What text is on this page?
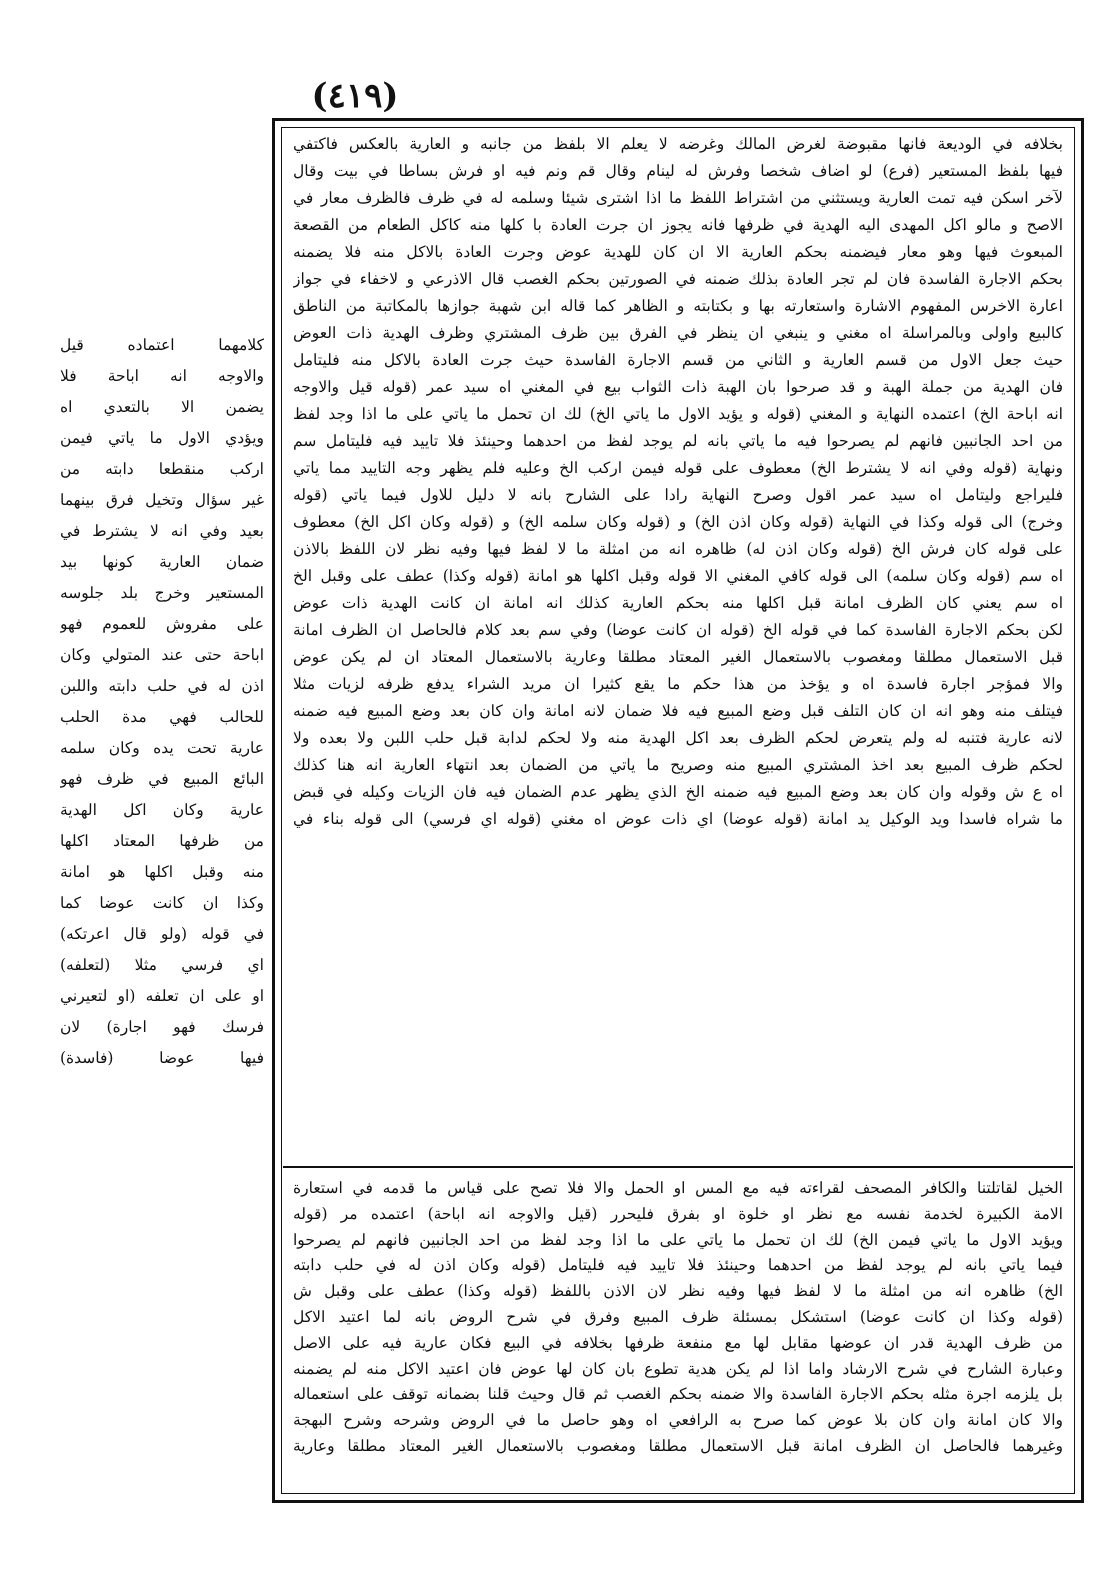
(٤١٩)
كلامهما اعتماده قيل
والاوجه انه اباحة فلا
يضمن الا بالتعدي اه
ويؤدي الاول ما ياتي فيمن
اركب منقطعا دابته من
غير سؤال وتخيل فرق بينهما
بعيد وفي انه لا يشترط في
ضمان العارية كونها بيد
المستعير وخرج بلد جلوسه
على مفروش للعموم فهو
اباحة حتى عند المتولي وكان
اذن له في حلب دابته واللبن
للحالب فهي مدة الحلب
عارية تحت يده وكان سلمه
البائع المبيع في ظرف فهو
عارية وكان اكل الهدية
من ظرفها المعتاد اكلها
منه وقبل اكلها هو امانة
وكذا ان كانت عوضا كما
في قوله (ولو قال اعرتكه)
اي فرسي مثلا (لتعلفه)
او على ان تعلفه (او لتعيرني
فرسك فهو اجارة) لان
فيها عوضا (فاسدة)
بخلافه في الوديعة فانها مقبوضة لغرض المالك وغرضه لا يعلم الا بلفظ من جانبه و العارية بالعكس فاكتفي
فيها بلفظ المستعير (فرع) لو اضاف شخصا وفرش له لينام وقال قم ونم فيه او فرش بساطا في بيت وقال
لآخر اسكن فيه تمت العارية ويستثني من اشتراط اللفظ ما اذا اشترى شيئا وسلمه له في ظرف فالظرف معار في
الاصح و مالو اكل المهدى اليه الهدية في ظرفها فانه يجوز ان جرت العادة با كلها منه كاكل الطعام من القصعة
المبعوث فيها وهو معار فيضمنه بحكم العارية الا ان كان للهدية عوض وجرت العادة بالاكل منه فلا يضمنه
بحكم الاجارة الفاسدة فان لم تجر العادة بذلك ضمنه في الصورتين بحكم الغصب قال الاذرعي و لاخفاء في جواز
اعارة الاخرس المفهوم الاشارة واستعارته بها و بكتابته و الظاهر كما قاله ابن شهبة جوازها بالمكاتبة من الناطق
كالبيع واولى وبالمراسلة اه مغني و ينبغي ان ينظر في الفرق بين ظرف المشتري وظرف الهدية ذات العوض
حيث جعل الاول من قسم العارية و الثاني من قسم الاجارة الفاسدة حيث جرت العادة بالاكل منه فليتامل
فان الهدية من جملة الهبة و قد صرحوا بان الهبة ذات الثواب بيع في المغني اه سيد عمر (قوله قيل والاوجه
انه اباحة الخ) اعتمده النهاية و المغني (قوله و يؤيد الاول ما ياتي الخ) لك ان تحمل ما ياتي على ما اذا وجد لفظ
من احد الجانبين فانهم لم يصرحوا فيه ما ياتي بانه لم يوجد لفظ من احدهما وحينئذ فلا تاييد فيه فليتامل سم
ونهاية (قوله وفي انه لا يشترط الخ) معطوف على قوله فيمن اركب الخ وعليه فلم يظهر وجه التاييد مما ياتي
فليراجع وليتامل اه سيد عمر اقول وصرح النهاية رادا على الشارح بانه لا دليل للاول فيما ياتي (قوله
وخرج) الى قوله وكذا في النهاية (قوله وكان اذن الخ) و (قوله وكان سلمه الخ) و (قوله وكان اكل الخ) معطوف
على قوله كان فرش الخ (قوله وكان اذن له) ظاهره انه من امثلة ما لا لفظ فيها وفيه نظر لان اللفظ بالاذن
اه سم (قوله وكان سلمه) الى قوله كافي المغني الا قوله وقبل اكلها هو امانة (قوله وكذا) عطف على وقبل الخ
اه سم يعني كان الظرف امانة قبل اكلها منه بحكم العارية كذلك انه امانة ان كانت الهدية ذات عوض
لكن بحكم الاجارة الفاسدة كما في قوله الخ (قوله ان كانت عوضا) وفي سم بعد كلام فالحاصل ان الظرف امانة
قبل الاستعمال مطلقا ومغصوب بالاستعمال الغير المعتاد مطلقا وعارية بالاستعمال المعتاد ان لم يكن عوض
والا فمؤجر اجارة فاسدة اه و يؤخذ من هذا حكم ما يقع كثيرا ان مريد الشراء يدفع ظرفه لزيات مثلا
فيتلف منه وهو انه ان كان التلف قبل وضع المبيع فيه فلا ضمان لانه امانة وان كان بعد وضع المبيع فيه ضمنه
لانه عارية فتنبه له ولم يتعرض لحكم الظرف بعد اكل الهدية منه ولا لحكم لدابة قبل حلب اللبن ولا بعده ولا
لحكم ظرف المبيع بعد اخذ المشتري المبيع منه وصريح ما ياتي من الضمان بعد انتهاء العارية انه هنا كذلك
اه ع ش وقوله وان كان بعد وضع المبيع فيه ضمنه الخ الذي يظهر عدم الضمان فيه فان الزيات وكيله في قبض
ما شراه فاسدا ويد الوكيل يد امانة (قوله عوضا) اي ذات عوض اه مغني (قوله اي فرسي) الى قوله بناء في
الخيل لقاتلتنا والكافر المصحف لقراءته فيه مع المس او الحمل والا فلا تصح على قياس ما قدمه في استعارة
الامة الكبيرة لخدمة نفسه مع نظر او خلوة او بفرق فليحرر (قيل والاوجه انه اباحة) اعتمده مر (قوله
ويؤيد الاول ما ياتي فيمن الخ) لك ان تحمل ما ياتي على ما اذا وجد لفظ من احد الجانبين فانهم لم يصرحوا
فيما ياتي بانه لم يوجد لفظ من احدهما وحينئذ فلا تاييد فيه فليتامل (قوله وكان اذن له في حلب دابته
الخ) ظاهره انه من امثلة ما لا لفظ فيها وفيه نظر لان الاذن باللفظ (قوله وكذا) عطف على وقبل ش
(قوله وكذا ان كانت عوضا) استشكل بمسئلة ظرف المبيع وفرق في شرح الروض بانه لما اعتيد الاكل
من ظرف الهدية قدر ان عوضها مقابل لها مع منفعة ظرفها بخلافه في البيع فكان عارية فيه على الاصل
وعبارة الشارح في شرح الارشاد واما اذا لم يكن هدية تطوع بان كان لها عوض فان اعتيد الاكل منه لم يضمنه
بل يلزمه اجرة مثله بحكم الاجارة الفاسدة والا ضمنه بحكم الغصب ثم قال وحيث قلنا بضمانه توقف على استعماله
والا كان امانة وان كان بلا عوض كما صرح به الرافعي اه وهو حاصل ما في الروض وشرحه وشرح البهجة
وغيرهما فالحاصل ان الظرف امانة قبل الاستعمال مطلقا ومغصوب بالاستعمال الغير المعتاد مطلقا وعارية
